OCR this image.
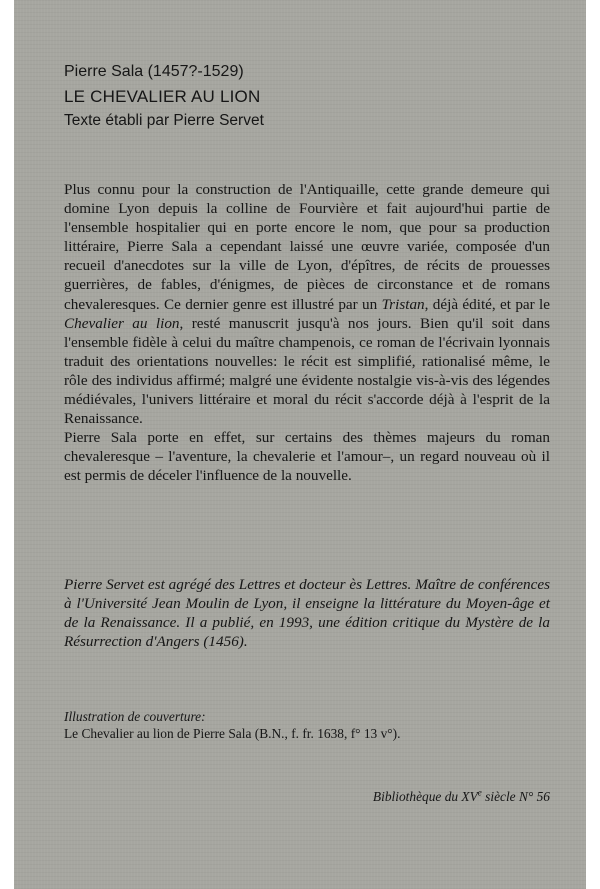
Pierre Sala (1457?-1529)

LE CHEVALIER AU LION

Texte établi par Pierre Servet

Plus connu pour la construction de l'Antiquaille, cette grande demeure qui domine Lyon depuis la colline de Fourvière et fait aujourd'hui partie de l'ensemble hospitalier qui en porte encore le nom, que pour sa production littéraire, Pierre Sala a cependant laissé une œuvre variée, composée d'un recueil d'anecdotes sur la ville de Lyon, d'épîtres, de récits de prouesses guerrières, de fables, d'énigmes, de pièces de circonstance et de romans chevaleresques. Ce dernier genre est illustré par un Tristan, déjà édité, et par le Chevalier au lion, resté manuscrit jusqu'à nos jours. Bien qu'il soit dans l'ensemble fidèle à celui du maître champenois, ce roman de l'écrivain lyonnais traduit des orientations nouvelles: le récit est simplifié, rationalisé même, le rôle des individus affirmé; malgré une évidente nostalgie vis-à-vis des légendes médiévales, l'univers littéraire et moral du récit s'accorde déjà à l'esprit de la Renaissance.

Pierre Sala porte en effet, sur certains des thèmes majeurs du roman chevaleresque – l'aventure, la chevalerie et l'amour–, un regard nouveau où il est permis de déceler l'influence de la nouvelle.

Pierre Servet est agrégé des Lettres et docteur ès Lettres. Maître de conférences à l'Université Jean Moulin de Lyon, il enseigne la littérature du Moyen-âge et de la Renaissance. Il a publié, en 1993, une édition critique du Mystère de la Résurrection d'Angers (1456).

Illustration de couverture:

Le Chevalier au lion de Pierre Sala (B.N., f. fr. 1638, f° 13 v°).

Bibliothèque du XVe siècle N° 56
